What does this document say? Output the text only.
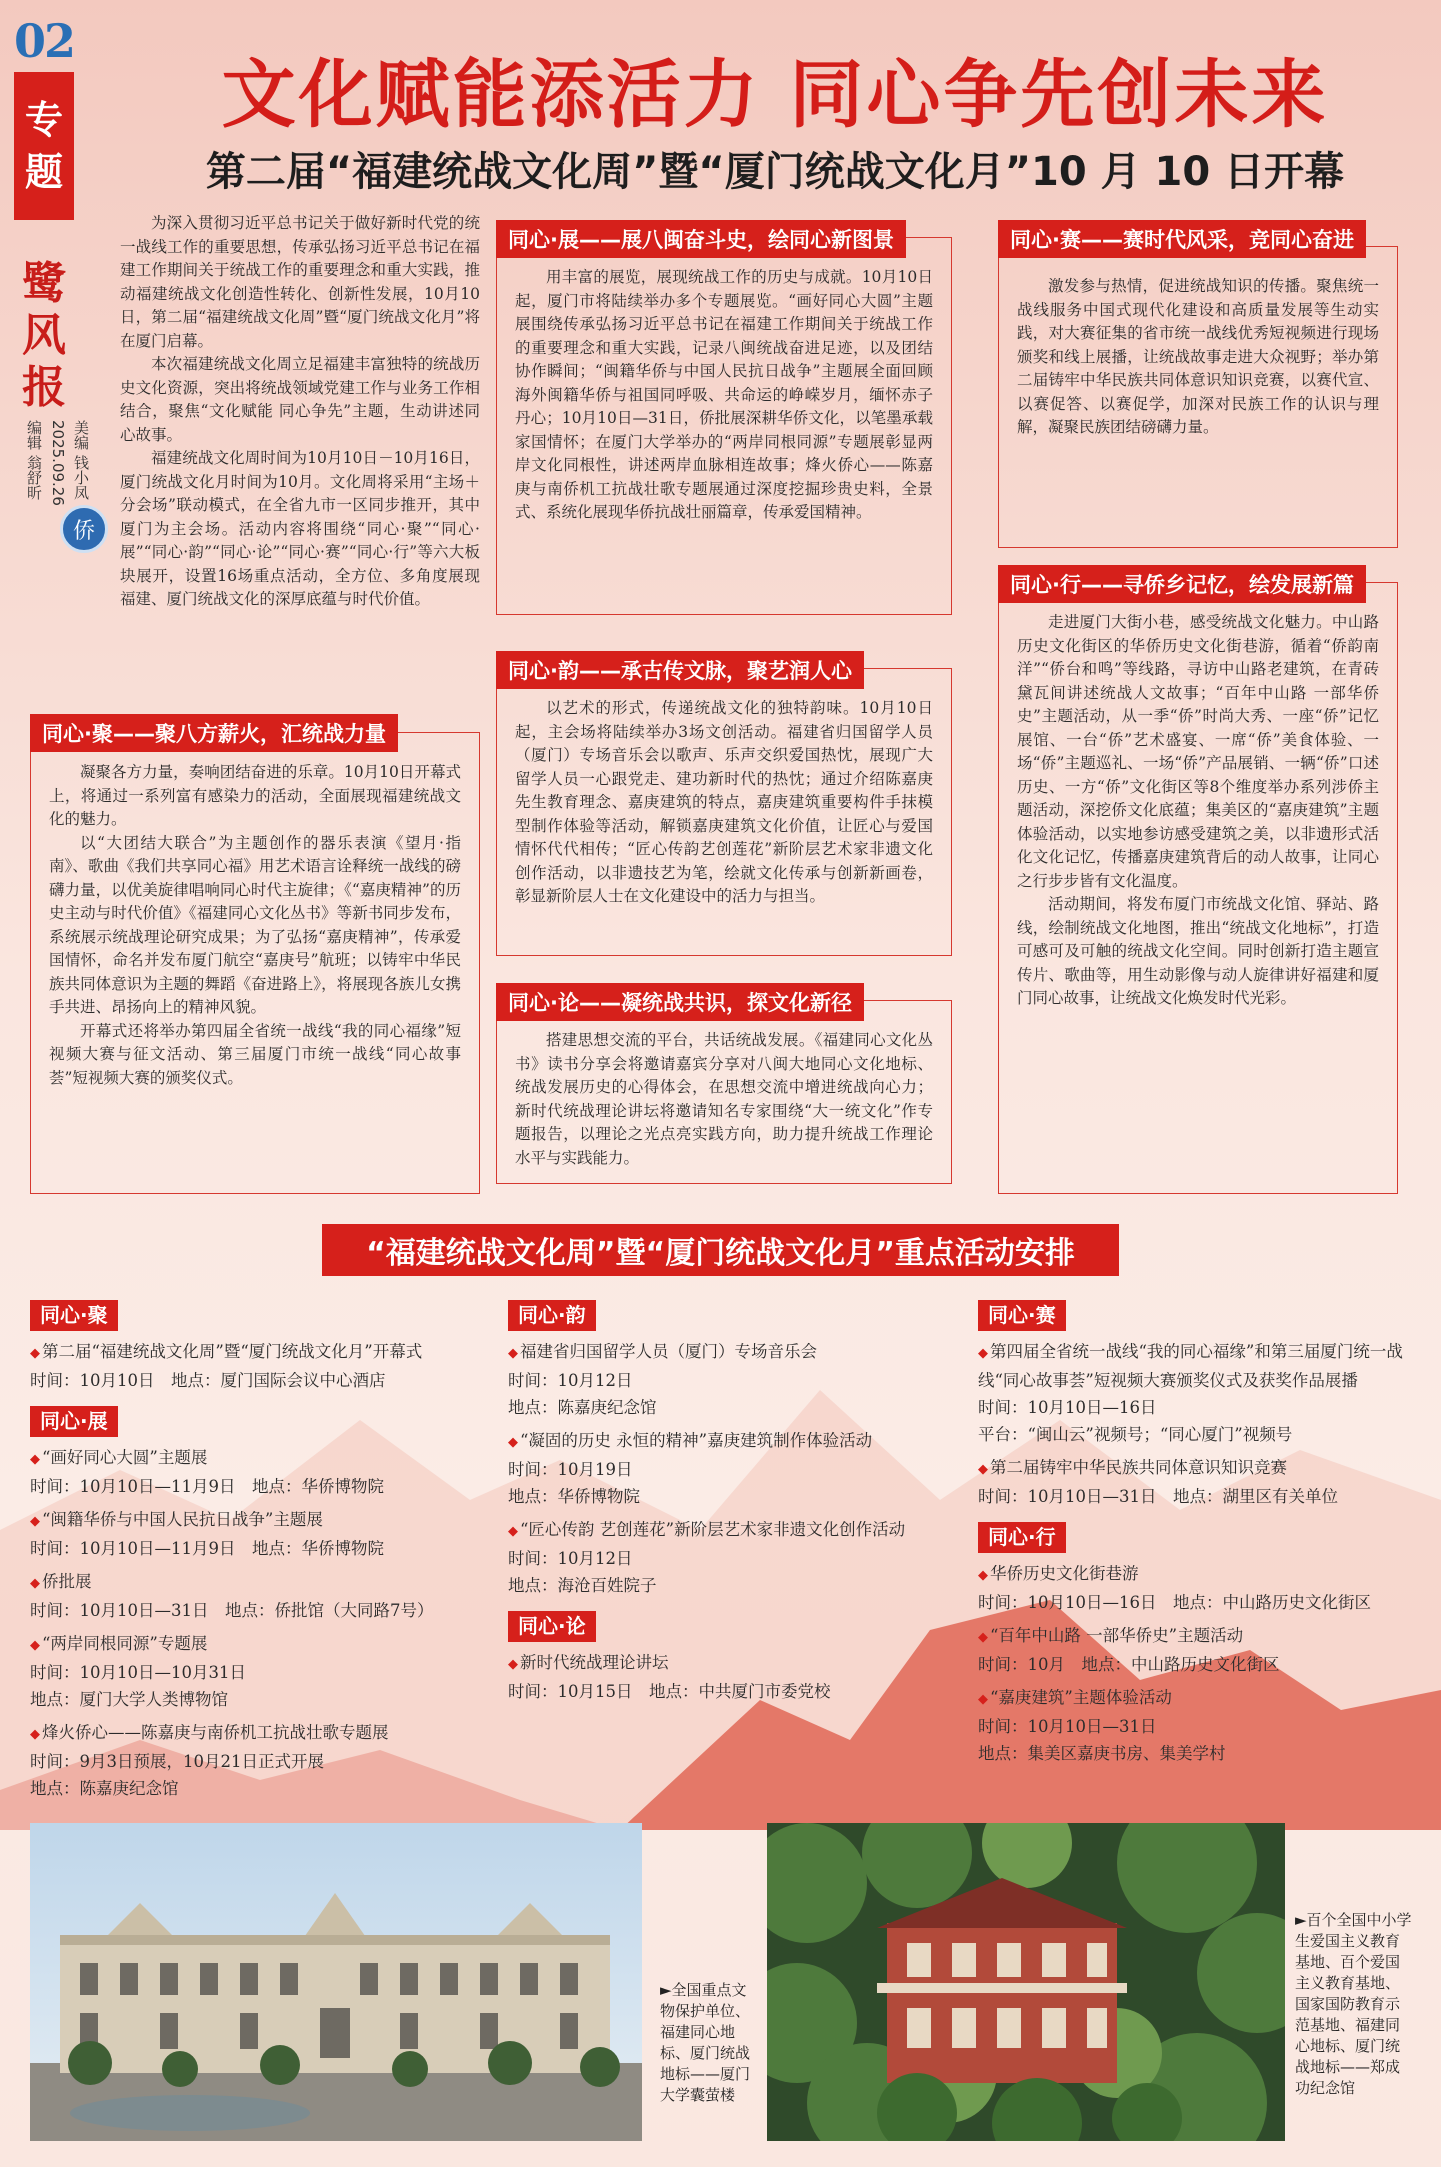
02
专
题
鹭
风
报
编辑 翁舒昕 2025.09.26 美编 钱小凤
侨
文化赋能添活力 同心争先创未来
第二届“福建统战文化周”暨“厦门统战文化月”10 月 10 日开幕

为深入贯彻习近平总书记关于做好新时代党的统一战线工作的重要思想，传承弘扬习近平总书记在福建工作期间关于统战工作的重要理念和重大实践，推动福建统战文化创造性转化、创新性发展，10月10日，第二届“福建统战文化周”暨“厦门统战文化月”将在厦门启幕。

本次福建统战文化周立足福建丰富独特的统战历史文化资源，突出将统战领域党建工作与业务工作相结合，聚焦“文化赋能 同心争先”主题，生动讲述同心故事。

福建统战文化周时间为10月10日－10月16日，厦门统战文化月时间为10月。文化周将采用“主场＋分会场”联动模式，在全省九市一区同步推开，其中厦门为主会场。活动内容将围绕“同心·聚”“同心·展”“同心·韵”“同心·论”“同心·赛”“同心·行”等六大板块展开，设置16场重点活动，全方位、多角度展现福建、厦门统战文化的深厚底蕴与时代价值。

凝聚各方力量，奏响团结奋进的乐章。10月10日开幕式上，将通过一系列富有感染力的活动，全面展现福建统战文化的魅力。

以“大团结大联合”为主题创作的器乐表演《望月·指南》、歌曲《我们共享同心福》用艺术语言诠释统一战线的磅礴力量，以优美旋律唱响同心时代主旋律；《“嘉庚精神”的历史主动与时代价值》《福建同心文化丛书》等新书同步发布，系统展示统战理论研究成果；为了弘扬“嘉庚精神”，传承爱国情怀，命名并发布厦门航空“嘉庚号”航班；以铸牢中华民族共同体意识为主题的舞蹈《奋进路上》，将展现各族儿女携手共进、昂扬向上的精神风貌。

开幕式还将举办第四届全省统一战线“我的同心福缘”短视频大赛与征文活动、第三届厦门市统一战线“同心故事荟”短视频大赛的颁奖仪式。

同心·聚——聚八方薪火，汇统战力量

用丰富的展览，展现统战工作的历史与成就。10月10日起，厦门市将陆续举办多个专题展览。“画好同心大圆”主题展围绕传承弘扬习近平总书记在福建工作期间关于统战工作的重要理念和重大实践，记录八闽统战奋进足迹，以及团结协作瞬间；“闽籍华侨与中国人民抗日战争”主题展全面回顾海外闽籍华侨与祖国同呼吸、共命运的峥嵘岁月，缅怀赤子丹心；10月10日—31日，侨批展深耕华侨文化，以笔墨承载家国情怀；在厦门大学举办的“两岸同根同源”专题展彰显两岸文化同根性，讲述两岸血脉相连故事；烽火侨心——陈嘉庚与南侨机工抗战壮歌专题展通过深度挖掘珍贵史料，全景式、系统化展现华侨抗战壮丽篇章，传承爱国精神。

同心·展——展八闽奋斗史，绘同心新图景

以艺术的形式，传递统战文化的独特韵味。10月10日起，主会场将陆续举办3场文创活动。福建省归国留学人员（厦门）专场音乐会以歌声、乐声交织爱国热忱，展现广大留学人员一心跟党走、建功新时代的热忱；通过介绍陈嘉庚先生教育理念、嘉庚建筑的特点，嘉庚建筑重要构件手抹模型制作体验等活动，解锁嘉庚建筑文化价值，让匠心与爱国情怀代代相传；“匠心传韵艺创莲花”新阶层艺术家非遗文化创作活动，以非遗技艺为笔，绘就文化传承与创新新画卷，彰显新阶层人士在文化建设中的活力与担当。

同心·韵——承古传文脉，聚艺润人心

搭建思想交流的平台，共话统战发展。《福建同心文化丛书》读书分享会将邀请嘉宾分享对八闽大地同心文化地标、统战发展历史的心得体会，在思想交流中增进统战向心力；新时代统战理论讲坛将邀请知名专家围绕“大一统文化”作专题报告，以理论之光点亮实践方向，助力提升统战工作理论水平与实践能力。

同心·论——凝统战共识，探文化新径

激发参与热情，促进统战知识的传播。聚焦统一战线服务中国式现代化建设和高质量发展等生动实践，对大赛征集的省市统一战线优秀短视频进行现场颁奖和线上展播，让统战故事走进大众视野；举办第二届铸牢中华民族共同体意识知识竞赛，以赛代宣、以赛促答、以赛促学，加深对民族工作的认识与理解，凝聚民族团结磅礴力量。

同心·赛——赛时代风采，竞同心奋进

走进厦门大街小巷，感受统战文化魅力。中山路历史文化街区的华侨历史文化街巷游，循着“侨韵南洋”“侨台和鸣”等线路，寻访中山路老建筑，在青砖黛瓦间讲述统战人文故事；“百年中山路 一部华侨史”主题活动，从一季“侨”时尚大秀、一座“侨”记忆展馆、一台“侨”艺术盛宴、一席“侨”美食体验、一场“侨”主题巡礼、一场“侨”产品展销、一辆“侨”口述历史、一方“侨”文化街区等8个维度举办系列涉侨主题活动，深挖侨文化底蕴；集美区的“嘉庚建筑”主题体验活动，以实地参访感受建筑之美，以非遗形式活化文化记忆，传播嘉庚建筑背后的动人故事，让同心之行步步皆有文化温度。

活动期间，将发布厦门市统战文化馆、驿站、路线，绘制统战文化地图，推出“统战文化地标”，打造可感可及可触的统战文化空间。同时创新打造主题宣传片、歌曲等，用生动影像与动人旋律讲好福建和厦门同心故事，让统战文化焕发时代光彩。

同心·行——寻侨乡记忆，绘发展新篇
“福建统战文化周”暨“厦门统战文化月”重点活动安排
同心·聚
◆ 第二届“福建统战文化周”暨“厦门统战文化月”开幕式
时间：10月10日　地点：厦门国际会议中心酒店
同心·展
◆ “画好同心大圆”主题展
时间：10月10日—11月9日　地点：华侨博物院
◆ “闽籍华侨与中国人民抗日战争”主题展
时间：10月10日—11月9日　地点：华侨博物院
◆ 侨批展
时间：10月10日—31日　地点：侨批馆（大同路7号）
◆ “两岸同根同源”专题展
时间：10月10日—10月31日
地点：厦门大学人类博物馆
◆ 烽火侨心——陈嘉庚与南侨机工抗战壮歌专题展
时间：9月3日预展，10月21日正式开展
地点：陈嘉庚纪念馆
同心·韵
◆ 福建省归国留学人员（厦门）专场音乐会
时间：10月12日
地点：陈嘉庚纪念馆
◆ “凝固的历史 永恒的精神”嘉庚建筑制作体验活动
时间：10月19日
地点：华侨博物院
◆ “匠心传韵 艺创莲花”新阶层艺术家非遗文化创作活动
时间：10月12日
地点：海沧百姓院子
同心·论
◆ 新时代统战理论讲坛
时间：10月15日　地点：中共厦门市委党校
同心·赛
◆ 第四届全省统一战线“我的同心福缘”和第三届厦门统一战线“同心故事荟”短视频大赛颁奖仪式及获奖作品展播
时间：10月10日—16日
平台：“闽山云”视频号；“同心厦门”视频号
◆ 第二届铸牢中华民族共同体意识知识竞赛
时间：10月10日—31日　地点：湖里区有关单位
同心·行
◆ 华侨历史文化街巷游
时间：10月10日—16日　地点：中山路历史文化街区
◆ “百年中山路 一部华侨史”主题活动
时间：10月　地点：中山路历史文化街区
◆ “嘉庚建筑”主题体验活动
时间：10月10日—31日
地点：集美区嘉庚书房、集美学村
►全国重点文物保护单位、福建同心地标、厦门统战地标——厦门大学囊萤楼
►百个全国中小学生爱国主义教育基地、百个爱国主义教育基地、国家国防教育示范基地、福建同心地标、厦门统战地标——郑成功纪念馆
